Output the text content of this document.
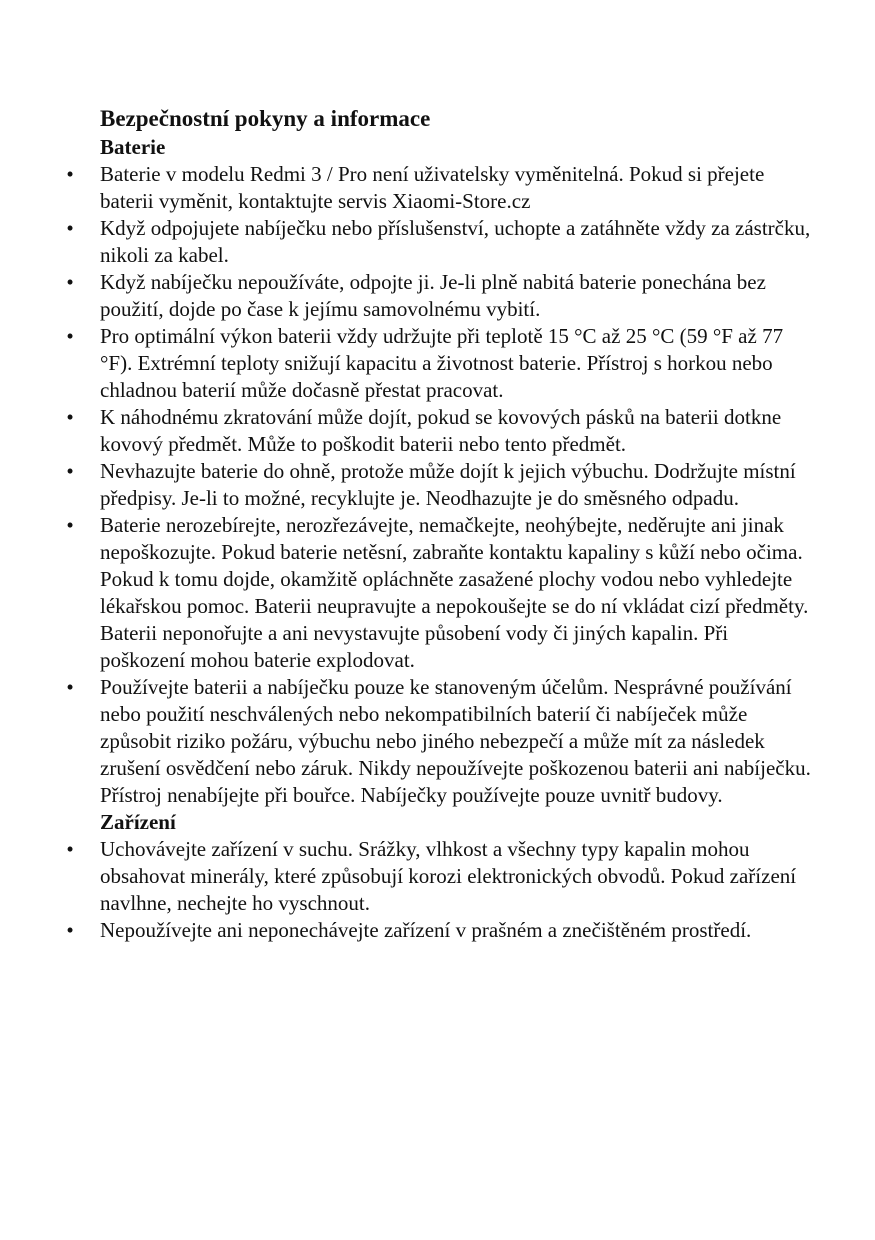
Bezpečnostní pokyny a informace
Baterie
• Baterie v modelu Redmi 3 / Pro není uživatelsky vyměnitelná. Pokud si přejete baterii vyměnit, kontaktujte servis Xiaomi-Store.cz
• Když odpojujete nabíječku nebo příslušenství, uchopte a zatáhněte vždy za zástrčku, nikoli za kabel.
• Když nabíječku nepoužíváte, odpojte ji. Je-li plně nabitá baterie ponechána bez použití, dojde po čase k jejímu samovolnému vybití.
• Pro optimální výkon baterii vždy udržujte při teplotě 15 °C až 25 °C (59 °F až 77 °F). Extrémní teploty snižují kapacitu a životnost baterie. Přístroj s horkou nebo chladnou baterií může dočasně přestat pracovat.
• K náhodnému zkratování může dojít, pokud se kovových pásků na baterii dotkne kovový předmět. Může to poškodit baterii nebo tento předmět.
• Nevhazujte baterie do ohně, protože může dojít k jejich výbuchu. Dodržujte místní předpisy. Je-li to možné, recyklujte je. Neodhazujte je do směsného odpadu.
• Baterie nerozebírejte, nerozřezávejte, nemačkejte, neohýbejte, neděrujte ani jinak nepoškozujte. Pokud baterie netěsní, zabraňte kontaktu kapaliny s kůží nebo očima. Pokud k tomu dojde, okamžitě opláchněte zasažené plochy vodou nebo vyhledejte lékařskou pomoc. Baterii neupravujte a nepokoušejte se do ní vkládat cizí předměty. Baterii neponořujte a ani nevystavujte působení vody či jiných kapalin. Při poškození mohou baterie explodovat.
• Používejte baterii a nabíječku pouze ke stanoveným účelům. Nesprávné používání nebo použití neschválených nebo nekompatibilních baterií či nabíječek může způsobit riziko požáru, výbuchu nebo jiného nebezpečí a může mít za následek zrušení osvědčení nebo záruk. Nikdy nepoužívejte poškozenou baterii ani nabíječku. Přístroj nenabíjejte při bouřce. Nabíječky používejte pouze uvnitř budovy.
Zařízení
• Uchovávejte zařízení v suchu. Srážky, vlhkost a všechny typy kapalin mohou obsahovat minerály, které způsobují korozi elektronických obvodů. Pokud zařízení navlhne, nechejte ho vyschnout.
• Nepoužívejte ani neponechávejte zařízení v prašném a znečištěném prostředí.
